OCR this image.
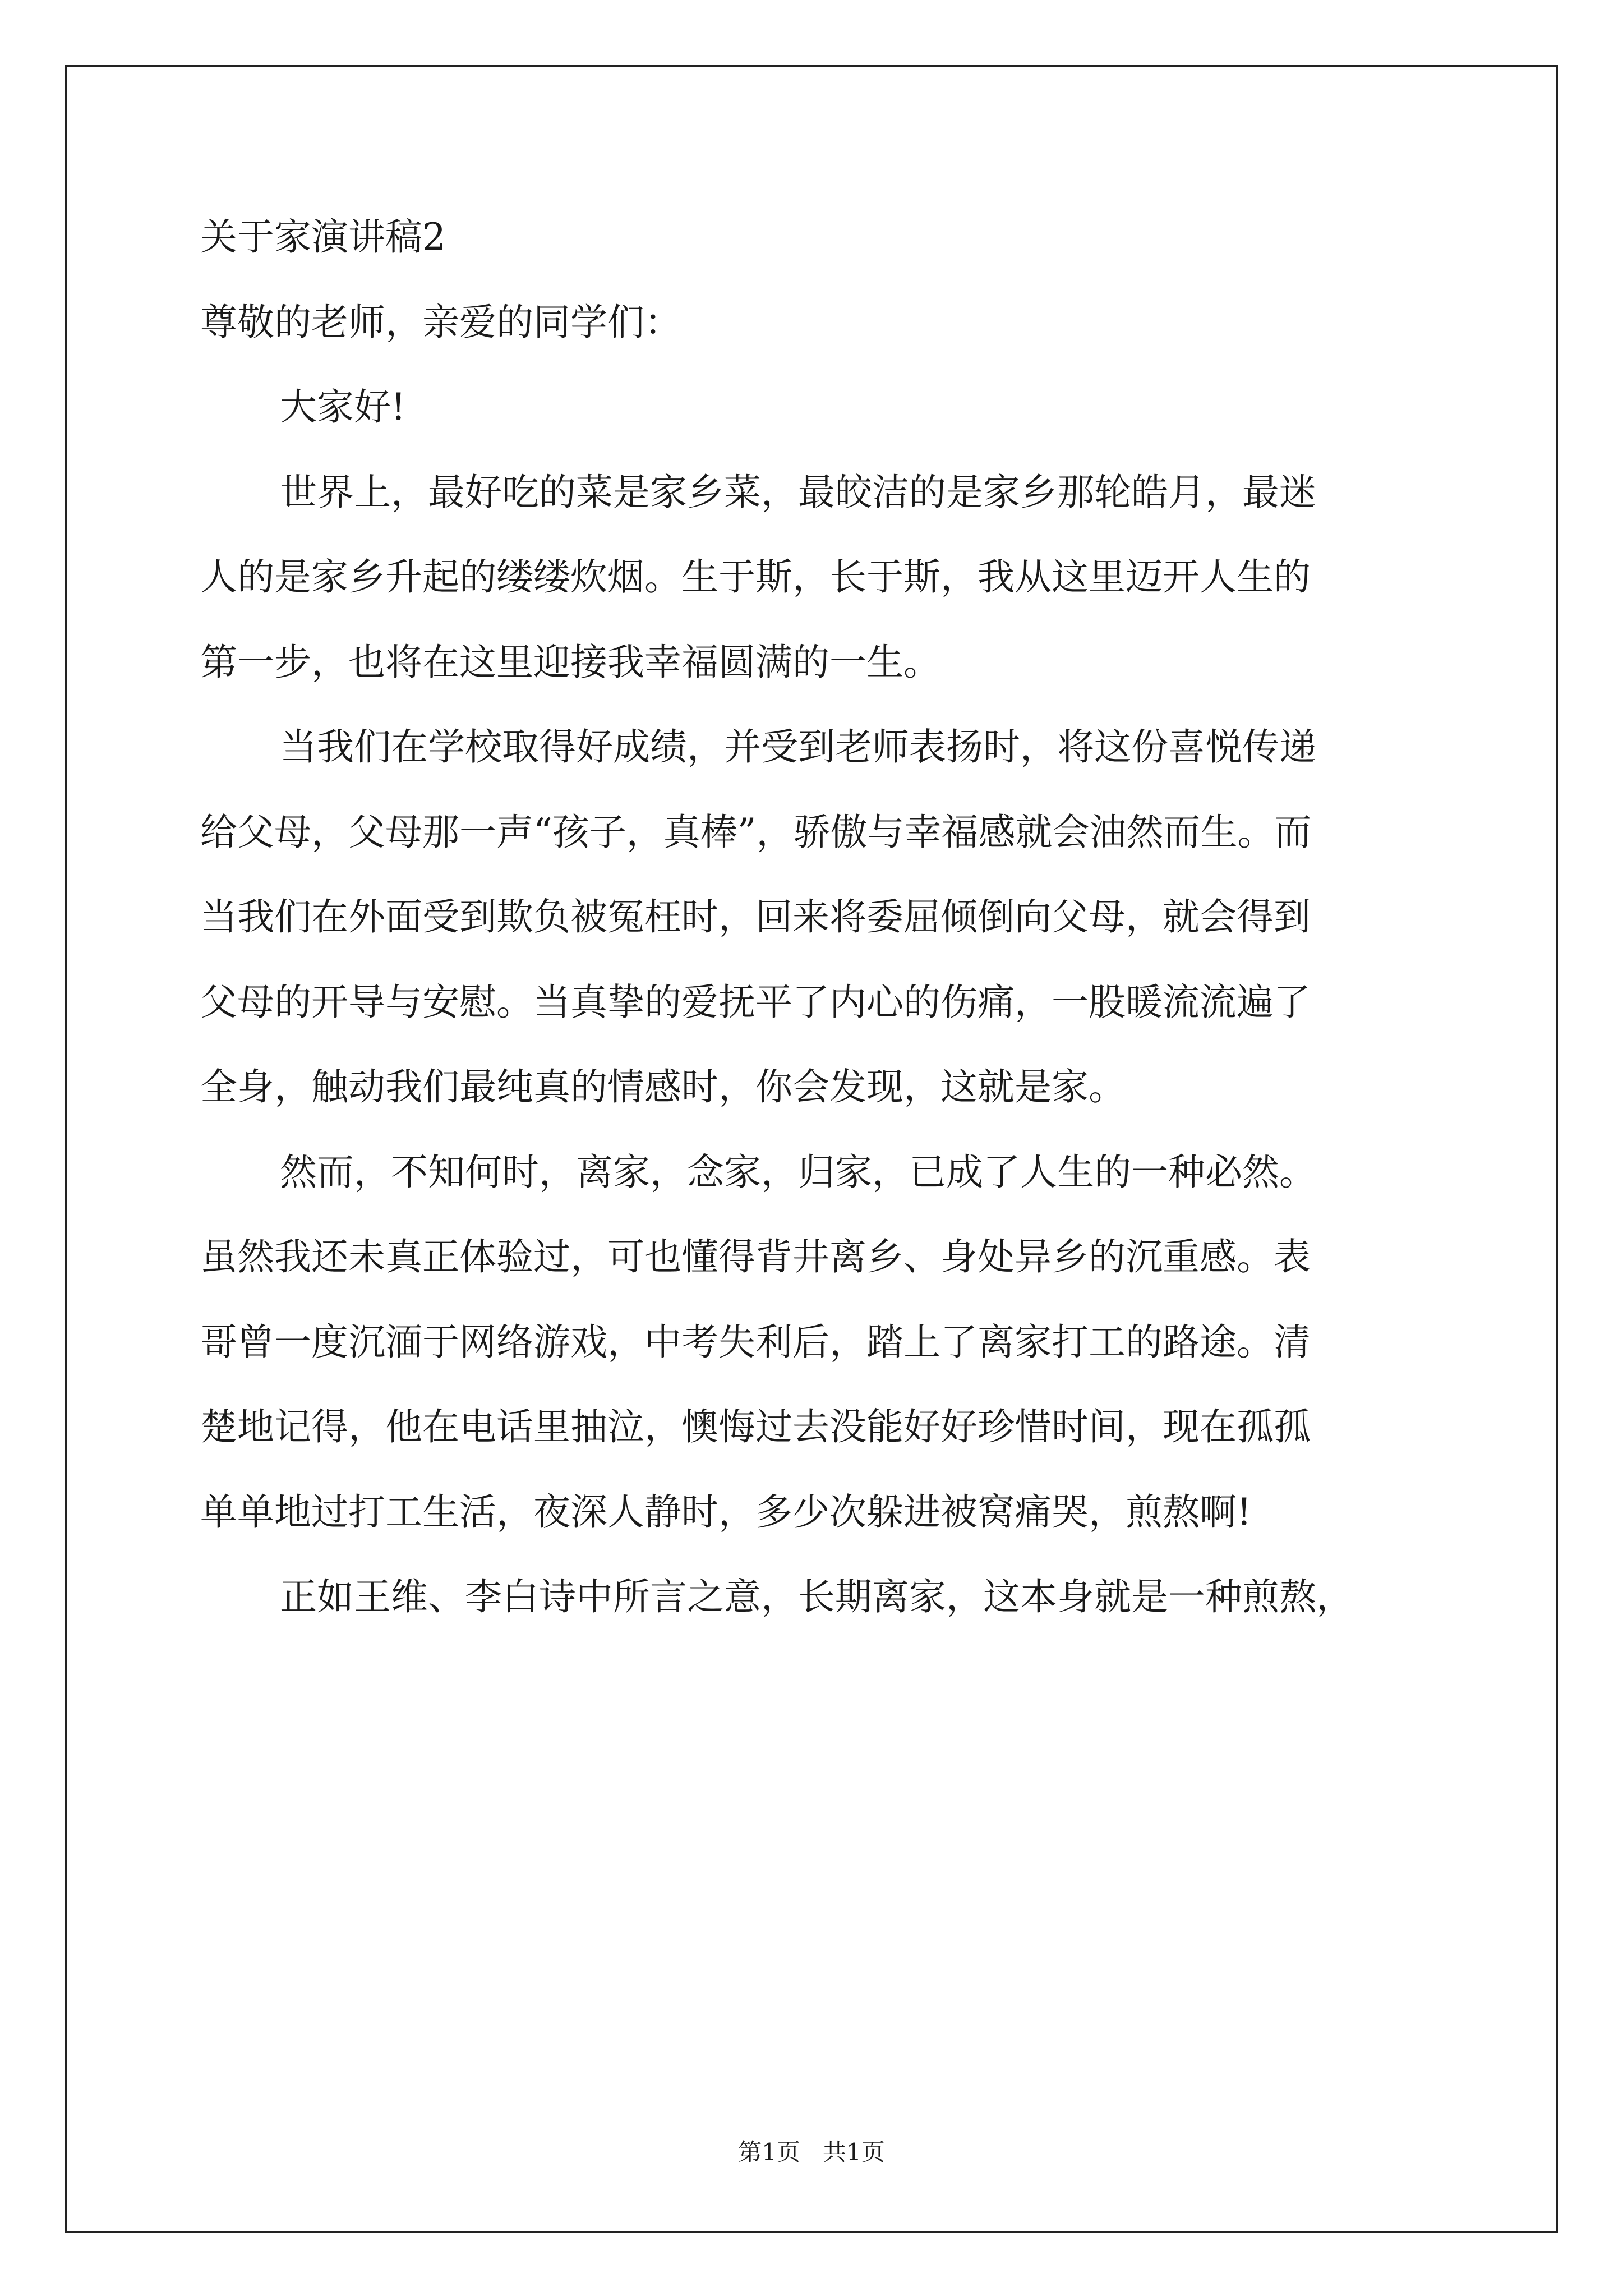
关于家演讲稿2
尊敬的老师，亲爱的同学们：
大家好!
世界上，最好吃的菜是家乡菜，最皎洁的是家乡那轮皓月，最迷
人的是家乡升起的缕缕炊烟。生于斯，长于斯，我从这里迈开人生的
第一步，也将在这里迎接我幸福圆满的一生。
当我们在学校取得好成绩，并受到老师表扬时，将这份喜悦传递
给父母，父母那一声“孩子，真棒”，骄傲与幸福感就会油然而生。而
当我们在外面受到欺负被冤枉时，回来将委屈倾倒向父母，就会得到
父母的开导与安慰。当真挚的爱抚平了内心的伤痛，一股暖流流遍了
全身，触动我们最纯真的情感时，你会发现，这就是家。
然而，不知何时，离家，念家，归家，已成了人生的一种必然。
虽然我还未真正体验过，可也懂得背井离乡、身处异乡的沉重感。表
哥曾一度沉湎于网络游戏，中考失利后，踏上了离家打工的路途。清
楚地记得，他在电话里抽泣，懊悔过去没能好好珍惜时间，现在孤孤
单单地过打工生活，夜深人静时，多少次躲进被窝痛哭，煎熬啊!
正如王维、李白诗中所言之意，长期离家，这本身就是一种煎熬，
第1页   共1页
